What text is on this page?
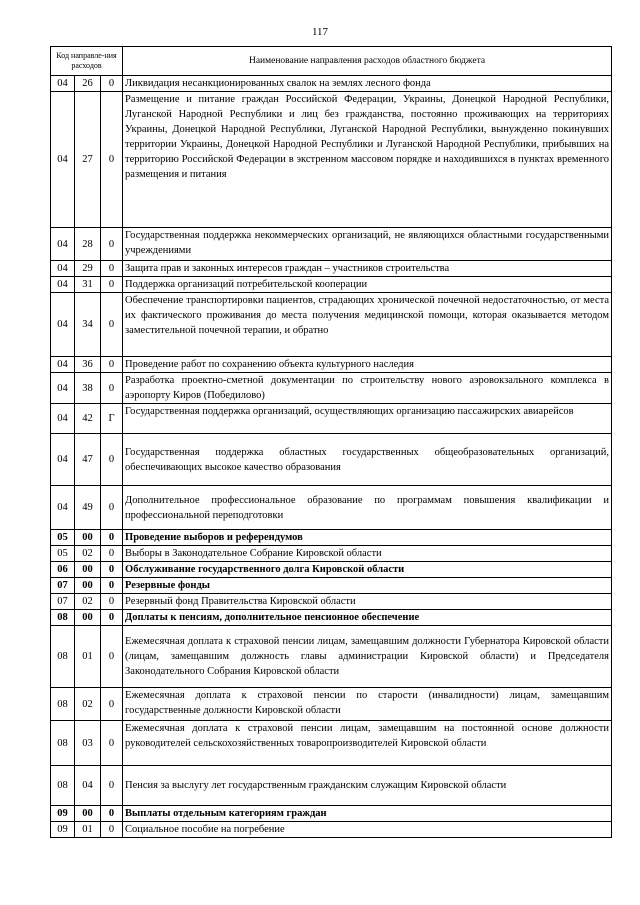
117
Код направле-ния расходов			Наименование направления расходов областного бюджета
04	26	0	Ликвидация несанкционированных свалок на землях лесного фонда
04	27	0	Размещение и питание граждан Российской Федерации, Украины, Донецкой Народной Республики, Луганской Народной Республики и лиц без гражданства, постоянно проживающих на территориях Украины, Донецкой Народной Республики, Луганской Народной Республики, вынужденно покинувших территории Украины, Донецкой Народной Республики и Луганской Народной Республики, прибывших на территорию Российской Федерации в экстренном массовом порядке и находившихся в пунктах временного размещения и питания
04	28	0	Государственная поддержка некоммерческих организаций, не являющихся областными государственными учреждениями
04	29	0	Защита прав и законных интересов граждан – участников строительства
04	31	0	Поддержка организаций потребительской кооперации
04	34	0	Обеспечение транспортировки пациентов, страдающих хронической почечной недостаточностью, от места их фактического проживания до места получения медицинской помощи, которая оказывается методом заместительной почечной терапии, и обратно
04	36	0	Проведение работ по сохранению объекта культурного наследия
04	38	0	Разработка проектно-сметной документации по строительству нового аэровокзального комплекса в аэропорту Киров (Победилово)
04	42	Г	Государственная поддержка организаций, осуществляющих организацию пассажирских авиарейсов
04	47	0	Государственная поддержка областных государственных общеобразовательных организаций, обеспечивающих высокое качество образования
04	49	0	Дополнительное профессиональное образование по программам повышения квалификации и профессиональной переподготовки
05	00	0	Проведение выборов и референдумов
05	02	0	Выборы в Законодательное Собрание Кировской области
06	00	0	Обслуживание государственного долга Кировской области
07	00	0	Резервные фонды
07	02	0	Резервный фонд Правительства Кировской области
08	00	0	Доплаты к пенсиям, дополнительное пенсионное обеспечение
08	01	0	Ежемесячная доплата к страховой пенсии лицам, замещавшим должности Губернатора Кировской области (лицам, замещавшим должность главы администрации Кировской области) и Председателя Законодательного Собрания Кировской области
08	02	0	Ежемесячная доплата к страховой пенсии по старости (инвалидности) лицам, замещавшим государственные должности Кировской области
08	03	0	Ежемесячная доплата к страховой пенсии лицам, замещавшим на постоянной основе должности руководителей сельскохозяйственных товаропроизводителей Кировской области
08	04	0	Пенсия за выслугу лет государственным гражданским служащим Кировской области
09	00	0	Выплаты отдельным категориям граждан
09	01	0	Социальное пособие на погребение
